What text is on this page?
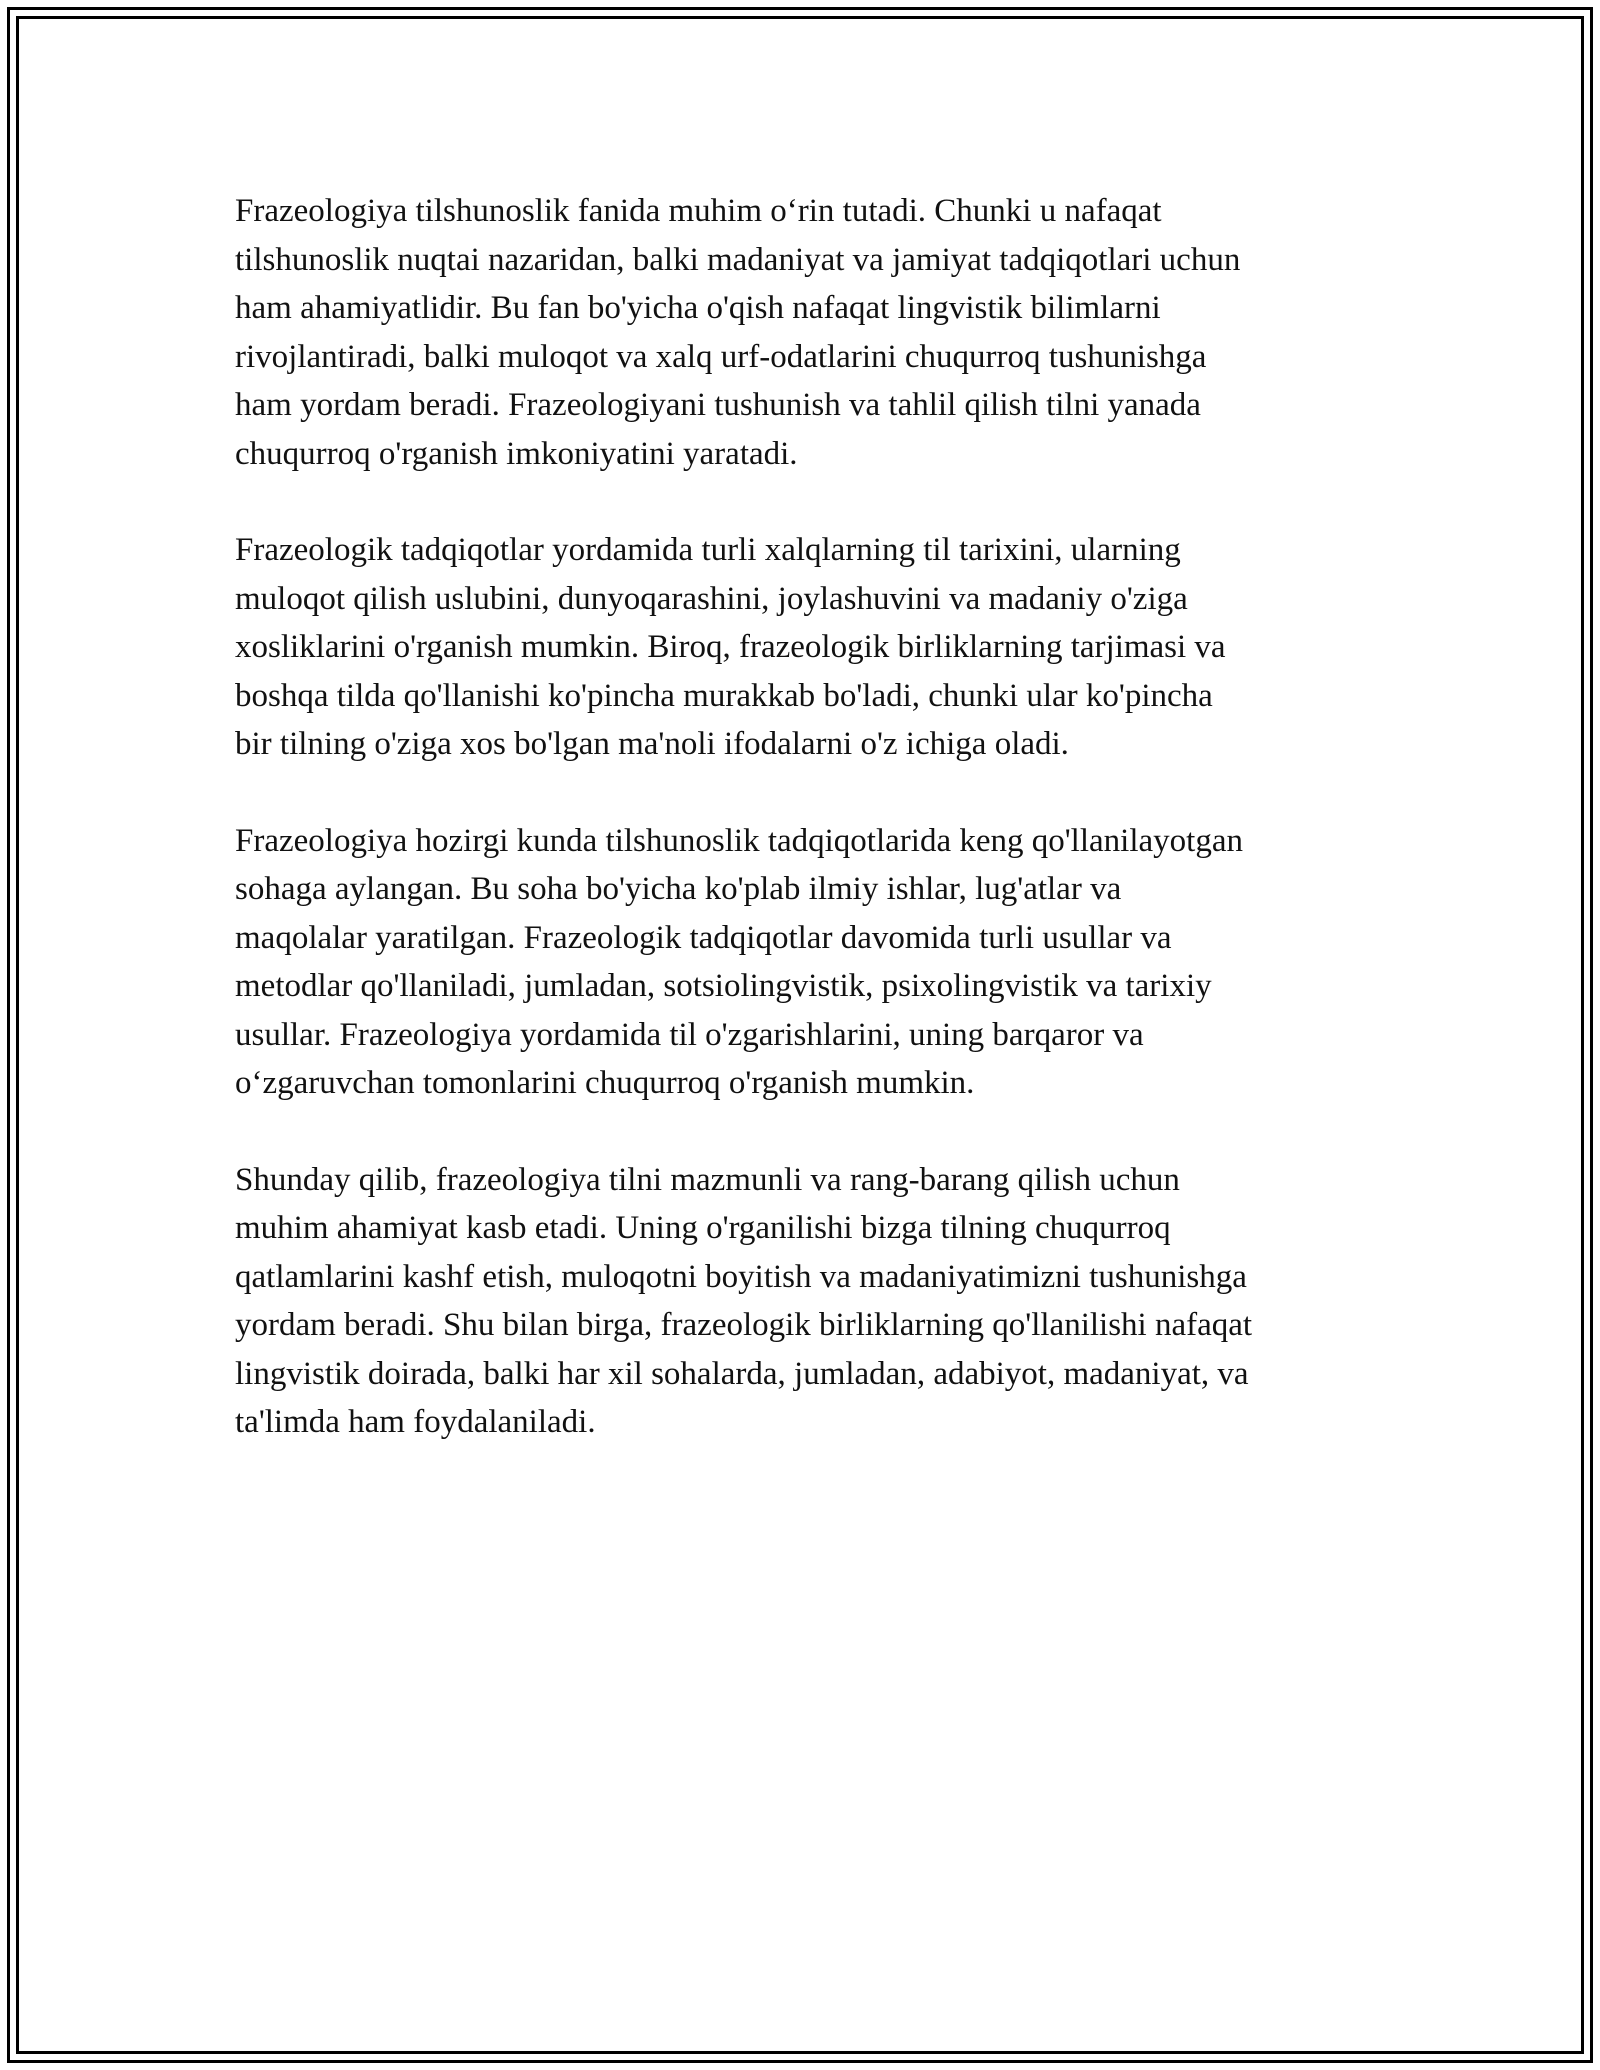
Frazeologiya tilshunoslik fanida muhim o‘rin tutadi. Chunki u nafaqat
tilshunoslik nuqtai nazaridan, balki madaniyat va jamiyat tadqiqotlari uchun
ham ahamiyatlidir. Bu fan bo'yicha o'qish nafaqat lingvistik bilimlarni
rivojlantiradi, balki muloqot va xalq urf-odatlarini chuqurroq tushunishga
ham yordam beradi. Frazeologiyani tushunish va tahlil qilish tilni yanada
chuqurroq o'rganish imkoniyatini yaratadi.

Frazeologik tadqiqotlar yordamida turli xalqlarning til tarixini, ularning
muloqot qilish uslubini, dunyoqarashini, joylashuvini va madaniy o'ziga
xosliklarini o'rganish mumkin. Biroq, frazeologik birliklarning tarjimasi va
boshqa tilda qo'llanishi ko'pincha murakkab bo'ladi, chunki ular ko'pincha
bir tilning o'ziga xos bo'lgan ma'noli ifodalarni o'z ichiga oladi.

Frazeologiya hozirgi kunda tilshunoslik tadqiqotlarida keng qo'llanilayotgan
sohaga aylangan. Bu soha bo'yicha ko'plab ilmiy ishlar, lug'atlar va
maqolalar yaratilgan. Frazeologik tadqiqotlar davomida turli usullar va
metodlar qo'llaniladi, jumladan, sotsiolingvistik, psixolingvistik va tarixiy
usullar. Frazeologiya yordamida til o'zgarishlarini, uning barqaror va
o‘zgaruvchan tomonlarini chuqurroq o'rganish mumkin.

Shunday qilib, frazeologiya tilni mazmunli va rang-barang qilish uchun
muhim ahamiyat kasb etadi. Uning o'rganilishi bizga tilning chuqurroq
qatlamlarini kashf etish, muloqotni boyitish va madaniyatimizni tushunishga
yordam beradi. Shu bilan birga, frazeologik birliklarning qo'llanilishi nafaqat
lingvistik doirada, balki har xil sohalarda, jumladan, adabiyot, madaniyat, va
ta'limda ham foydalaniladi.
